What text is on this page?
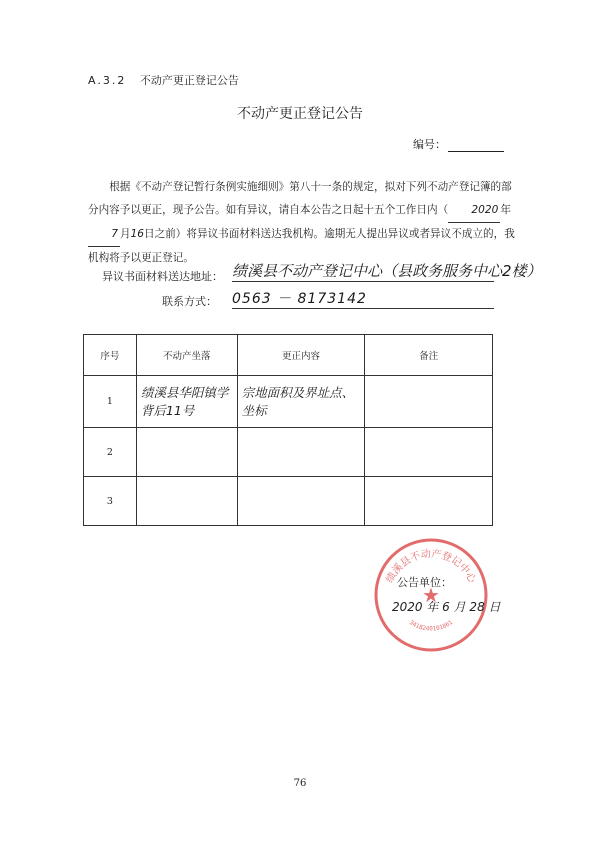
A.3.2 不动产更正登记公告
不动产更正登记公告
编号：

根据《不动产登记暂行条例实施细则》第八十一条的规定，拟对下列不动产登记簿的部分内容予以更正，现予公告。如有异议，请自本公告之日起十五个工作日内（ 2020 年7 月16日之前）将异议书面材料送达我机构。逾期无人提出异议或者异议不成立的，我机构将予以更正登记。

异议书面材料送达地址： 绩溪县不动产登记中心（县政务服务中心2楼）
联系方式： 0563 － 8173142
序号	不动产坐落	更正内容	备注
1	绩溪县华阳镇学背后11号	宗地面积及界址点、坐标	
2			
3			
绩溪县不动产登记中心
3418240101861
★
公告单位：
2020 年 6 月 28 日
76
